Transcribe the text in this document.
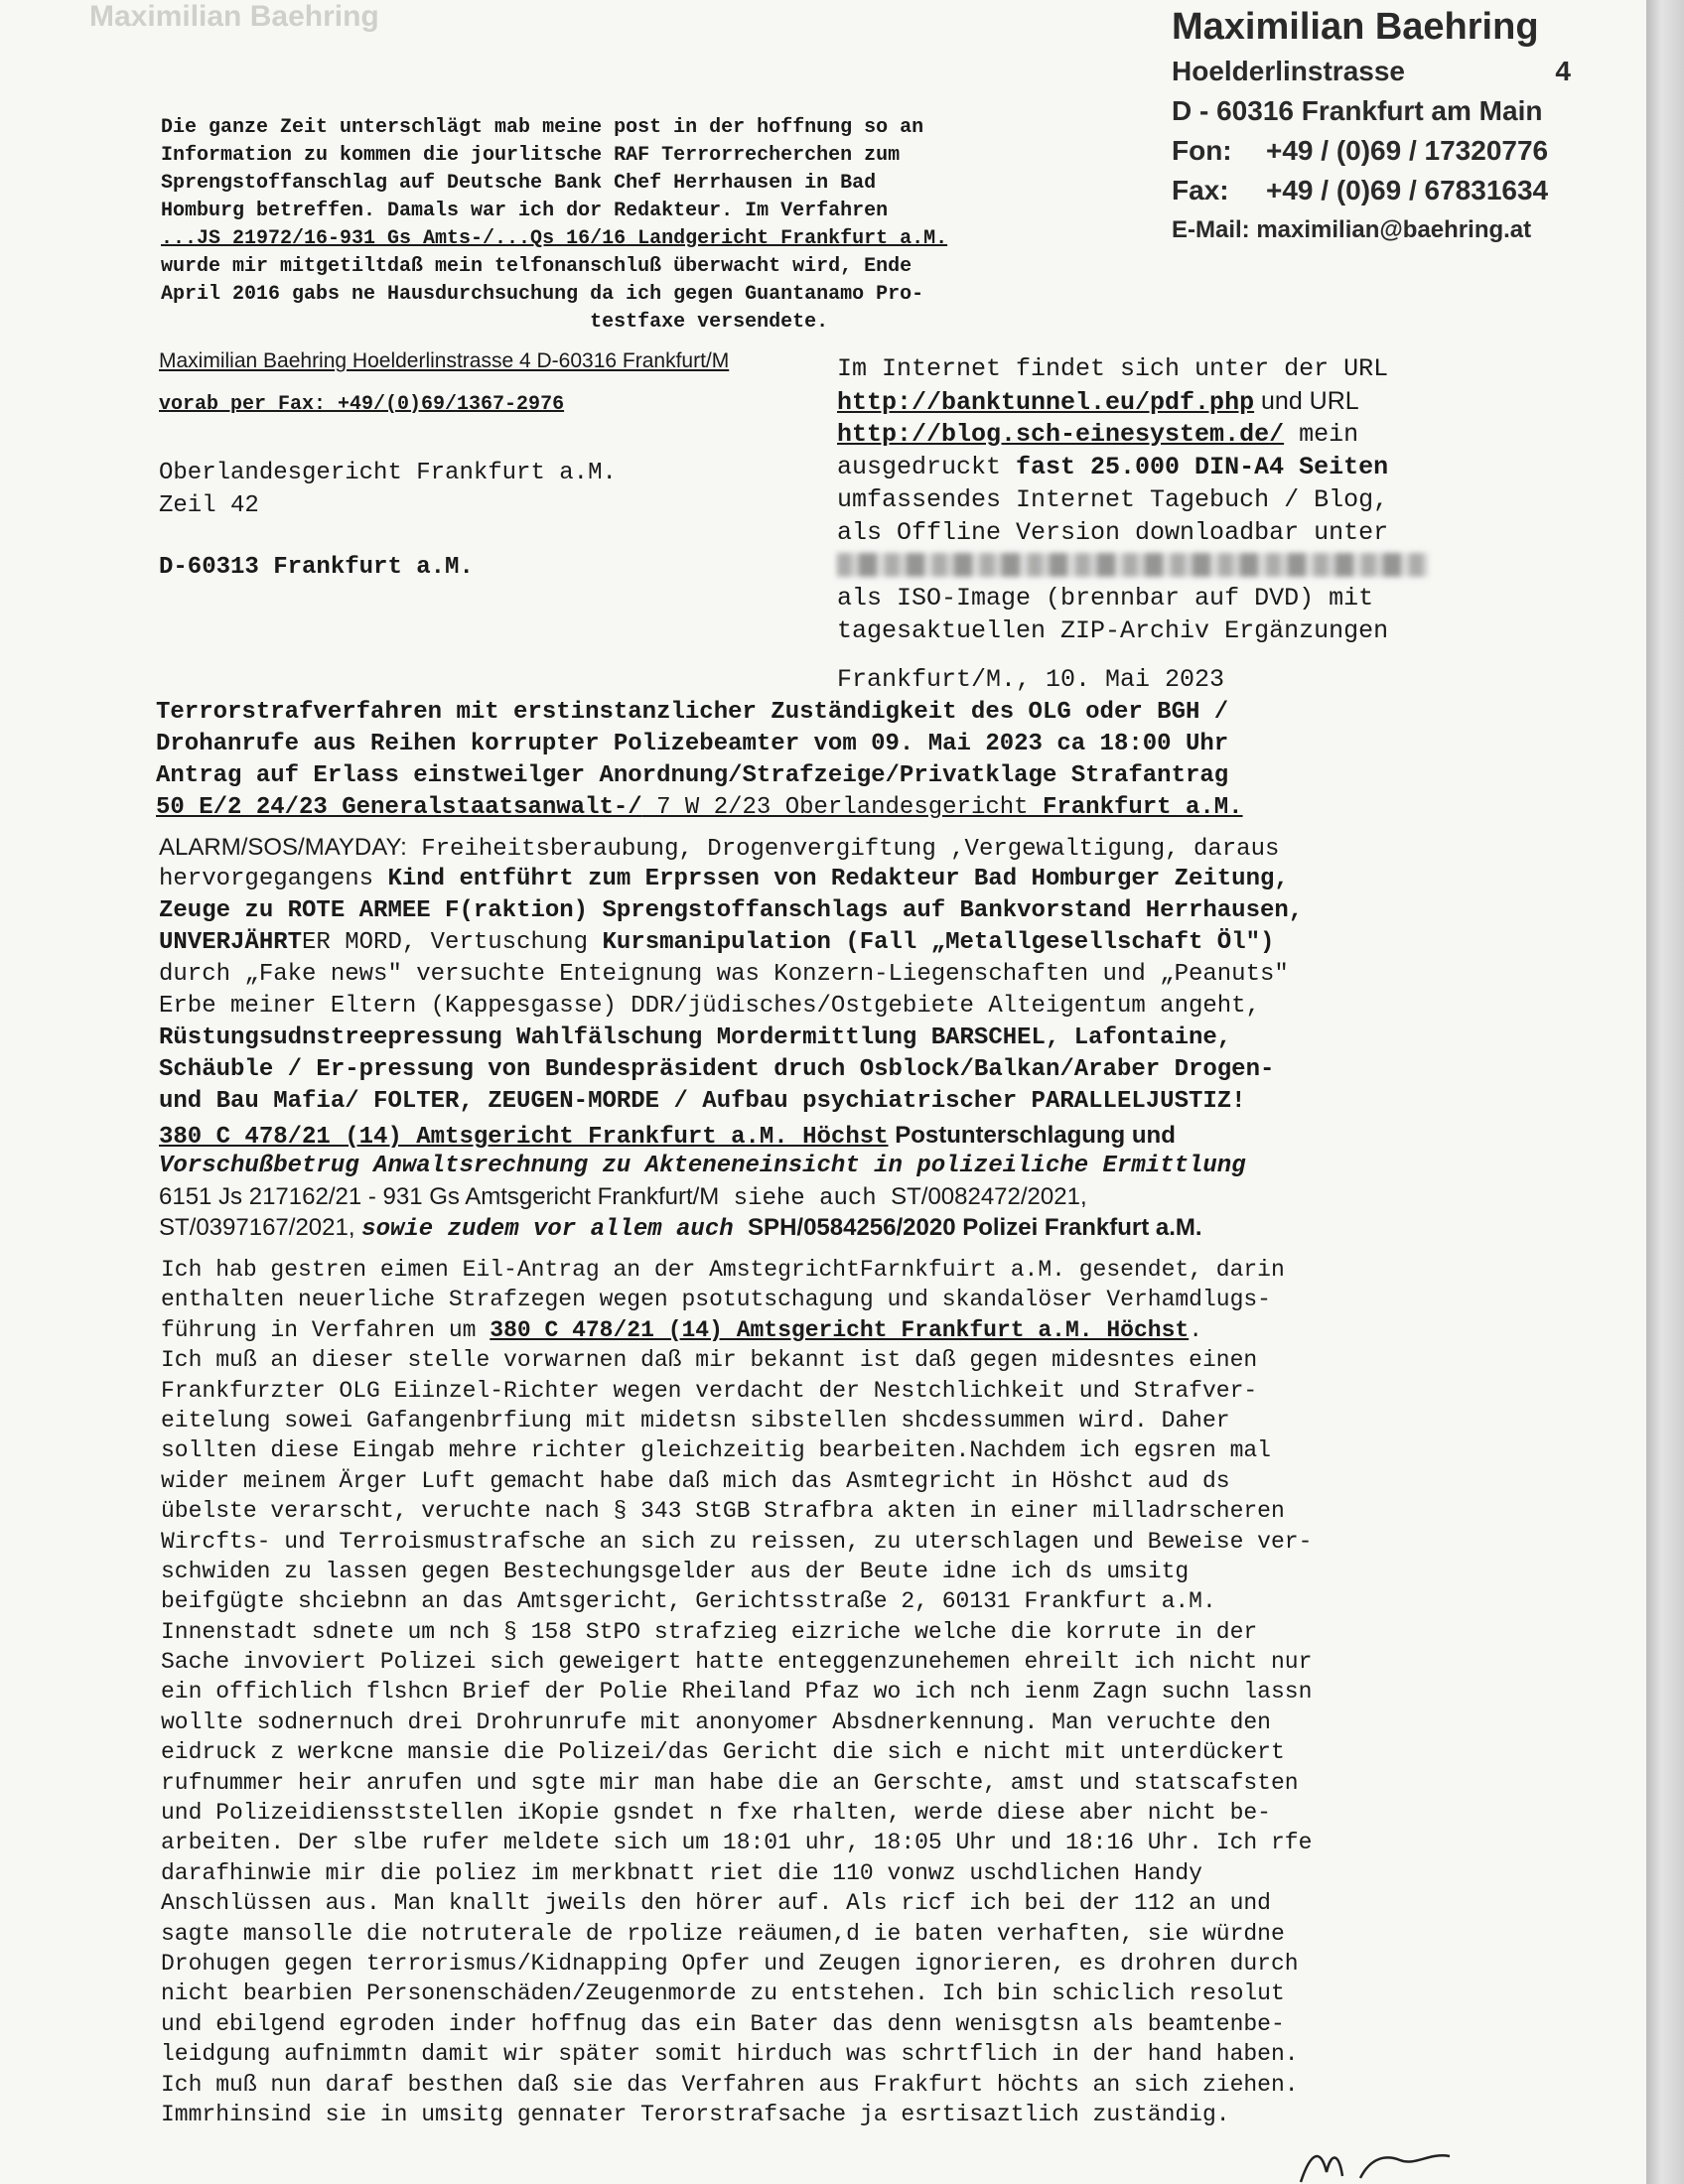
Maximilian Baehring	Maximilian Baehring
Hoelderlinstrasse	4
D - 60316 Frankfurt am Main
Fon: +49 / (0)69 / 17320776
Fax: +49 / (0)69 / 67831634
E-Mail: maximilian@baehring.at
Die ganze Zeit unterschlägt mab meine post in der hoffnung so an
Information zu kommen die jourlitsche RAF Terrorrecherchen zum
Sprengstoffanschlag auf Deutsche Bank Chef Herrhausen in Bad
Homburg betreffen. Damals war ich dor Redakteur. Im Verfahren
...JS 21972/16-931 Gs Amts-/...Qs 16/16 Landgericht Frankfurt a.M.
wurde mir mitgetiltdaß mein telfonanschluß überwacht wird, Ende
April 2016 gabs ne Hausdurchsuchung da ich gegen Guantanamo Pro-
testfaxe versendete.
Maximilian Baehring Hoelderlinstrasse 4 D-60316 Frankfurt/M
vorab per Fax: +49/(0)69/1367-2976
Oberlandesgericht Frankfurt a.M.
Zeil 42
D-60313 Frankfurt a.M.
Im Internet findet sich unter der URL
http://banktunnel.eu/pdf.php und URL
http://blog.sch-einesystem.de/ mein
ausgedruckt fast 25.000 DIN-A4 Seiten
umfassendes Internet Tagebuch / Blog,
als Offline Version downloadbar unter
als ISO-Image (brennbar auf DVD) mit
tagesaktuellen ZIP-Archiv Ergänzungen
Frankfurt/M., 10. Mai 2023
Terrorstrafverfahren mit erstinstanzlicher Zuständigkeit des OLG oder BGH /
Drohanrufe aus Reihen korrupter Polizebeamter vom 09. Mai 2023 ca 18:00 Uhr
Antrag auf Erlass einstweilger Anordnung/Strafzeige/Privatklage Strafantrag
50 E/2 24/23 Generalstaatsanwalt-/ 7 W 2/23 Oberlandesgericht Frankfurt a.M.
ALARM/SOS/MAYDAY: Freiheitsberaubung, Drogenvergiftung ,Vergewaltigung, daraus
hervorgegangens Kind entführt zum Erprssen von Redakteur Bad Homburger Zeitung,
Zeuge zu ROTE ARMEE F(raktion) Sprengstoffanschlags auf Bankvorstand Herrhausen,
UNVERJÄHRTER MORD, Vertuschung Kursmanipulation (Fall „Metallgesellschaft Öl")
durch „Fake news" versuchte Enteignung was Konzern-Liegenschaften und „Peanuts"
Erbe meiner Eltern (Kappesgasse) DDR/jüdisches/Ostgebiete Alteigentum angeht,
Rüstungsudnstreepressung Wahlfälschung Mordermittlung BARSCHEL, Lafontaine,
Schäuble / Er-pressung von Bundespräsident druch Osblock/Balkan/Araber Drogen-
und Bau Mafia/ FOLTER, ZEUGEN-MORDE / Aufbau psychiatrischer PARALLELJUSTIZ!
380 C 478/21 (14) Amtsgericht Frankfurt a.M. Höchst Postunterschlagung und
Vorschußbetrug Anwaltsrechnung zu Akteneneinsicht in polizeiliche Ermittlung
6151 Js 217162/21 - 931 Gs Amtsgericht Frankfurt/M siehe auch ST/0082472/2021,
ST/0397167/2021, sowie zudem vor allem auch SPH/0584256/2020 Polizei Frankfurt a.M.
Ich hab gestren eimen Eil-Antrag an der AmstegrichtFarnkfuirt a.M. gesendet, darin
enthalten neuerliche Strafzegen wegen psotutschagung und skandalöser Verhamdlugs-
führung in Verfahren um 380 C 478/21 (14) Amtsgericht Frankfurt a.M. Höchst.
Ich muß an dieser stelle vorwarnen daß mir bekannt ist daß gegen midesntes einen
Frankfurzter OLG Eiinzel-Richter wegen verdacht der Nestchlichkeit und Strafver-
eitelung sowei Gafangenbrfiung mit midetsn sibstellen shcdessummen wird. Daher
sollten diese Eingab mehre richter gleichzeitig bearbeiten.Nachdem ich egsren mal
wider meinem Ärger Luft gemacht habe daß mich das Asmtegricht in Höshct aud ds
übelste verarscht, veruchte nach § 343 StGB Strafbra akten in einer milladrscheren
Wircfts- und Terroismustrafsche an sich zu reissen, zu uterschlagen und Beweise ver-
schwiden zu lassen gegen Bestechungsgelder aus der Beute idne ich ds umsitg
beifgügte shciebnn an das Amtsgericht, Gerichtsstraße 2, 60131 Frankfurt a.M.
Innenstadt sdnete um nch § 158 StPO strafzieg eizriche welche die korrute in der
Sache invoviert Polizei sich geweigert hatte enteggenzunehemen ehreilt ich nicht nur
ein offichlich flshcn Brief der Polie Rheiland Pfaz wo ich nch ienm Zagn suchn lassn
wollte sodnernuch drei Drohrunrufe mit anonyomer Absdnerkennung. Man veruchte den
eidruck z werkcne mansie die Polizei/das Gericht die sich e nicht mit unterdückert
rufnummer heir anrufen und sgte mir man habe die an Gerschte, amst und statscafsten
und Polizeidiensststellen iKopie gsndet n fxe rhalten, werde diese aber nicht be-
arbeiten. Der slbe rufer meldete sich um 18:01 uhr, 18:05 Uhr und 18:16 Uhr. Ich rfe
darafhinwie mir die poliez im merkbnatt riet die 110 vonwz uschdlichen Handy
Anschlüssen aus. Man knallt jweils den hörer auf. Als ricf ich bei der 112 an und
sagte mansolle die notruterale de rpolize reäumen,d ie baten verhaften, sie würdne
Drohugen gegen terrorismus/Kidnapping Opfer und Zeugen ignorieren, es drohren durch
nicht bearbien Personenschäden/Zeugenmorde zu entstehen. Ich bin schiclich resolut
und ebilgend egroden inder hoffnug das ein Bater das denn wenisgtsn als beamtenbe-
leidgung aufnimmtn damit wir später somit hirduch was schrtflich in der hand haben.
Ich muß nun daraf besthen daß sie das Verfahren aus Frakfurt höchts an sich ziehen.
Immrhinsind sie in umsitg gennater Terorstrafsache ja esrtisaztlich zuständig.
